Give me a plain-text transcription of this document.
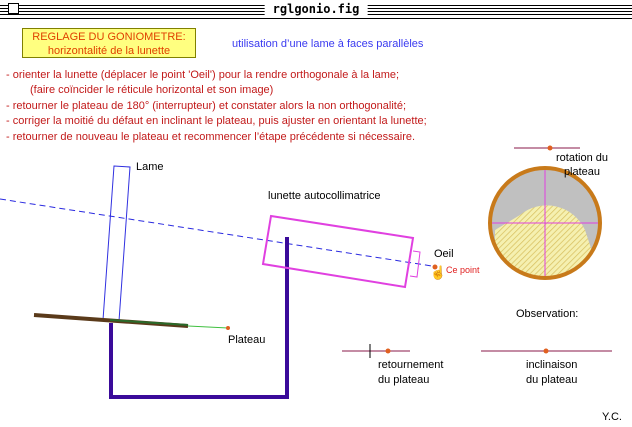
rglgonio.fig
REGLAGE DU GONIOMETRE:
horizontalité de la lunette
utilisation d’une lame à faces parallèles
- orienter la lunette (déplacer le point 'Oeil') pour la rendre orthogonale à la lame;
(faire coïncider le réticule horizontal et son image)
- retourner le plateau de 180° (interrupteur) et constater alors la non orthogonalité;
- corriger la moitié du défaut en inclinant le plateau, puis ajuster en orientant la lunette;
- retourner de nouveau le plateau et recommencer l’étape précédente si nécessaire.
Lame
lunette autocollimatrice
Oeil
Ce point
☝
Plateau
rotation du
plateau
Observation:
retournement
du plateau
inclinaison
du plateau
Y.C.
